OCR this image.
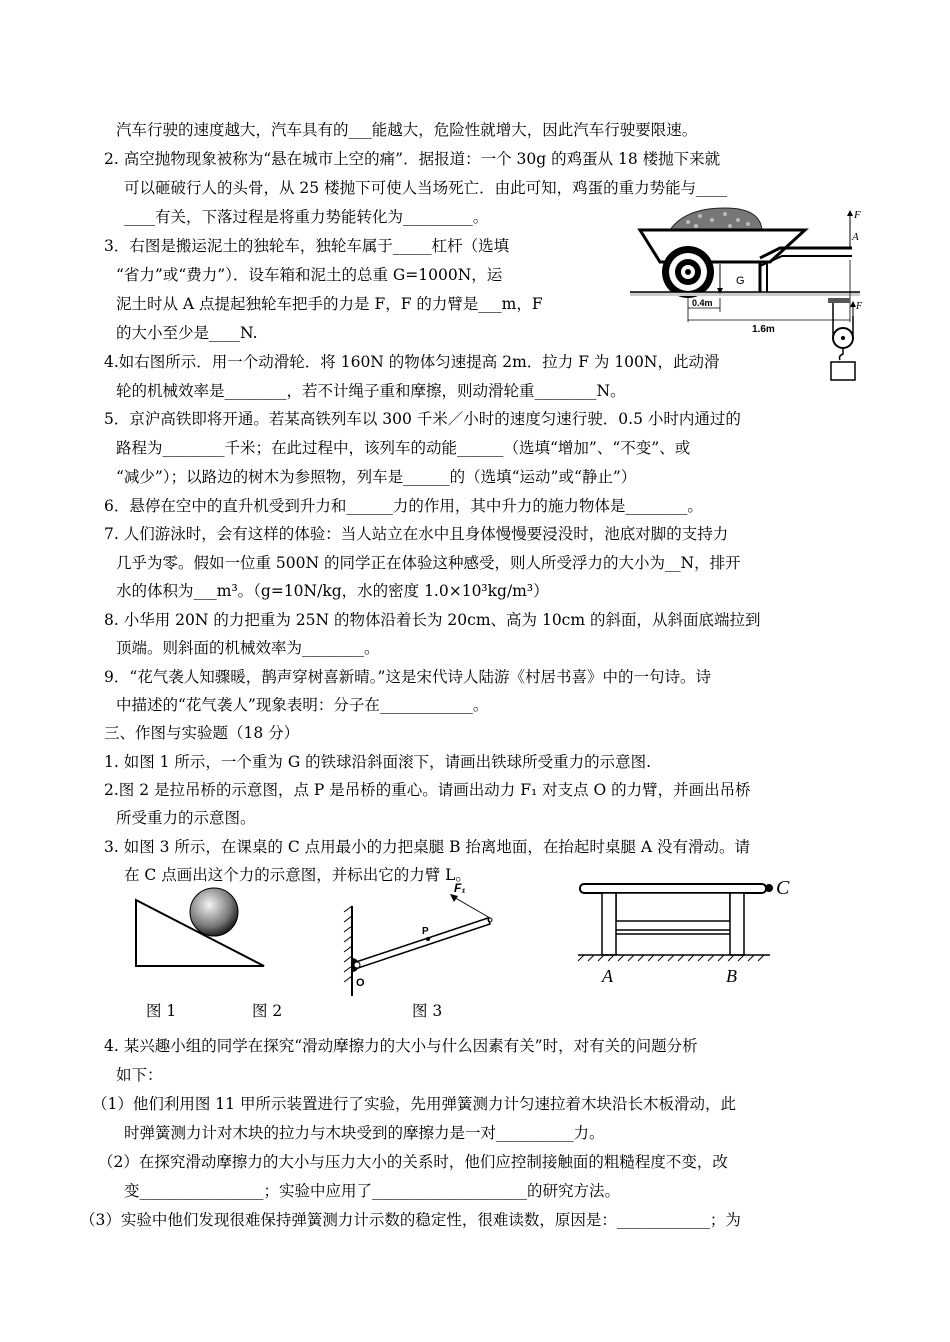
汽车行驶的速度越大，汽车具有的___能越大，危险性就增大，因此汽车行驶要限速。
2. 高空抛物现象被称为“悬在城市上空的痛”．据报道：一个 30g 的鸡蛋从 18 楼抛下来就
可以砸破行人的头骨，从 25 楼抛下可使人当场死亡．由此可知，鸡蛋的重力势能与____
____有关，下落过程是将重力势能转化为_________。
3．右图是搬运泥土的独轮车，独轮车属于_____杠杆（选填
“省力”或“费力”）．设车箱和泥土的总重 G=1000N，运
泥土时从 A 点提起独轮车把手的力是 F，F 的力臂是___m，F
的大小至少是____N.
4.如右图所示．用一个动滑轮．将 160N 的物体匀速提高 2m．拉力 F 为 100N，此动滑
轮的机械效率是________，若不计绳子重和摩擦，则动滑轮重________N。
5．京沪高铁即将开通。若某高铁列车以 300 千米／小时的速度匀速行驶．0.5 小时内通过的
路程为________千米；在此过程中，该列车的动能______（选填“增加”、“不变”、或
“减少”）；以路边的树木为参照物，列车是______的（选填“运动”或“静止”）
6．悬停在空中的直升机受到升力和______力的作用，其中升力的施力物体是________。
7. 人们游泳时，会有这样的体验：当人站立在水中且身体慢慢要浸没时，池底对脚的支持力
几乎为零。假如一位重 500N 的同学正在体验这种感受，则人所受浮力的大小为__N，排开
水的体积为___m³。（g=10N/kg，水的密度 1.0×10³kg/m³）
8. 小华用 20N 的力把重为 25N 的物体沿着长为 20cm、高为 10cm 的斜面，从斜面底端拉到
顶端。则斜面的机械效率为________。
9．“花气袭人知骤暖，鹊声穿树喜新晴。”这是宋代诗人陆游《村居书喜》中的一句诗。诗
中描述的“花气袭人”现象表明：分子在____________。
三、作图与实验题（18 分）
1. 如图 1 所示，一个重为 G 的铁球沿斜面滚下，请画出铁球所受重力的示意图.
2.图 2 是拉吊桥的示意图，点 P 是吊桥的重心。请画出动力 F₁ 对支点 O 的力臂，并画出吊桥
所受重力的示意图。
3. 如图 3 所示，在课桌的 C 点用最小的力把桌腿 B 抬离地面，在抬起时桌腿 A 没有滑动。请
在 C 点画出这个力的示意图，并标出它的力臂 L。
4. 某兴趣小组的同学在探究“滑动摩擦力的大小与什么因素有关”时，对有关的问题分析
如下：
（1）他们利用图 11 甲所示装置进行了实验，先用弹簧测力计匀速拉着木块沿长木板滑动，此
时弹簧测力计对木块的拉力与木块受到的摩擦力是一对__________力。
（2）在探究滑动摩擦力的大小与压力大小的关系时，他们应控制接触面的粗糙程度不变，改
变________________；实验中应用了____________________的研究方法。
（3）实验中他们发现很难保持弹簧测力计示数的稳定性，很难读数，原因是：____________；为
G
F
A
0.4m
1.6m
F
F₁
P
O
C
A	B
图 1	图 2	图 3
